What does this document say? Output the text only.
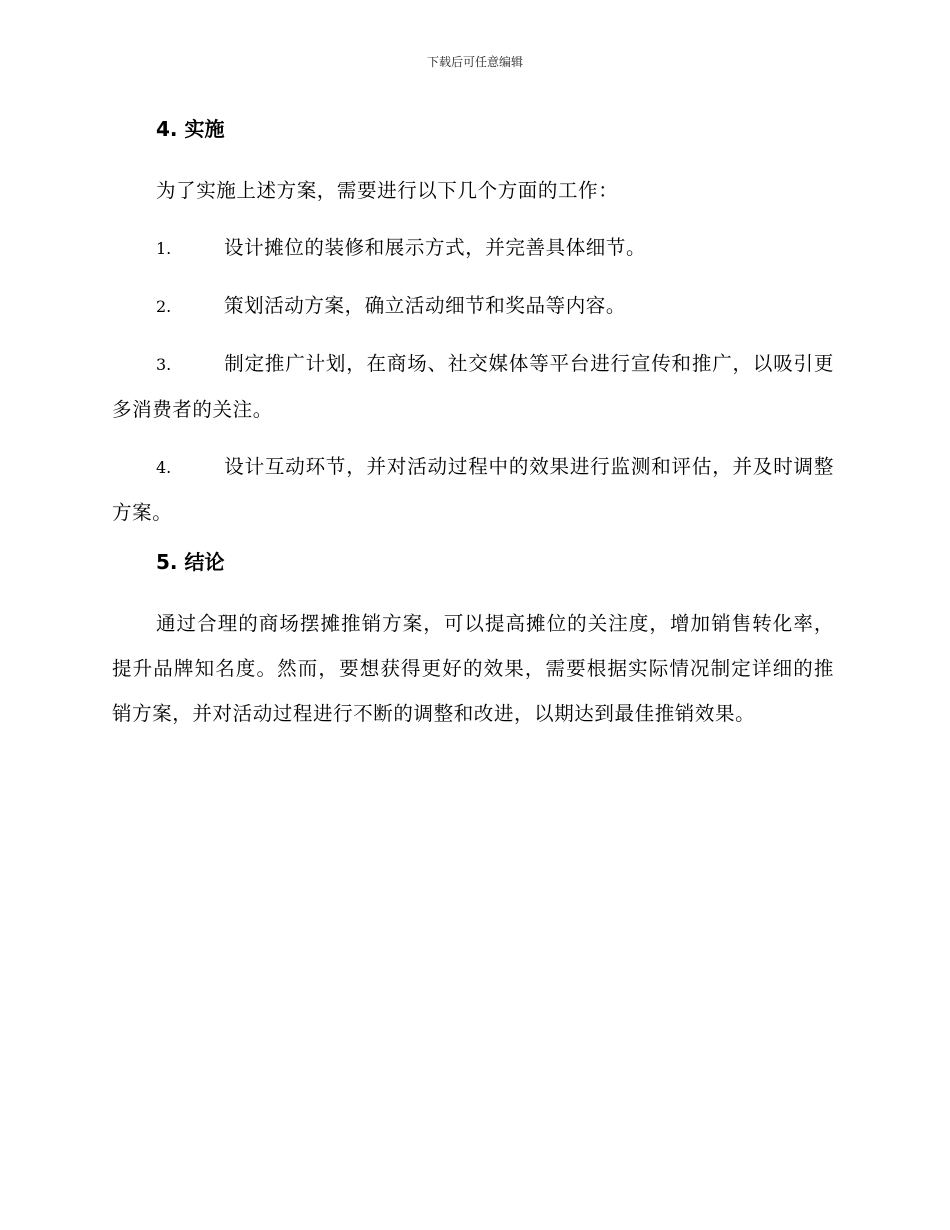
下载后可任意编辑
4. 实施

为了实施上述方案，需要进行以下几个方面的工作：

1.	设计摊位的装修和展示方式，并完善具体细节。

2.	策划活动方案，确立活动细节和奖品等内容。

3.	制定推广计划，在商场、社交媒体等平台进行宣传和推广，以吸引更多消费者的关注。

4.	设计互动环节，并对活动过程中的效果进行监测和评估，并及时调整方案。

5. 结论

通过合理的商场摆摊推销方案，可以提高摊位的关注度，增加销售转化率，提升品牌知名度。然而，要想获得更好的效果，需要根据实际情况制定详细的推销方案，并对活动过程进行不断的调整和改进，以期达到最佳推销效果。
